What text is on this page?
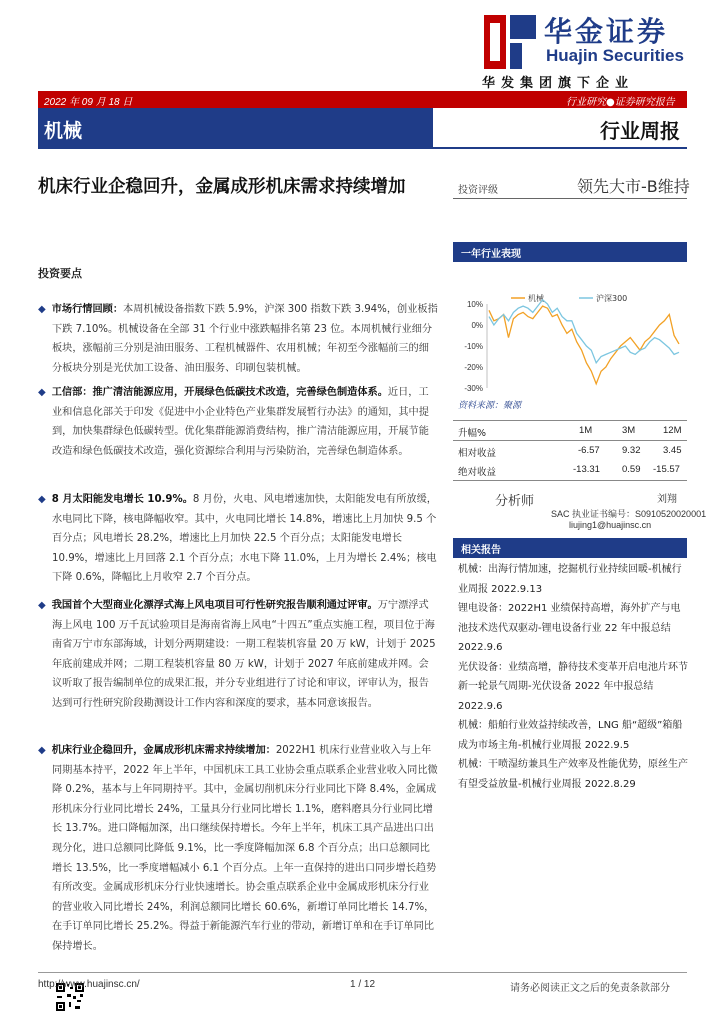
华金证券
Huajin Securities
华发集团旗下企业
2022 年 09 月 18 日	行业研究●证券研究报告
机械	行业周报
机床行业企稳回升，金属成形机床需求持续增加
投资要点

◆ 市场行情回顾：本周机械设备指数下跌 5.9%，沪深 300 指数下跌 3.94%，创业板指下跌 7.10%。机械设备在全部 31 个行业中涨跌幅排名第 23 位。本周机械行业细分板块，涨幅前三分别是油田服务、工程机械器件、农用机械；年初至今涨幅前三的细分板块分别是光伏加工设备、油田服务、印刷包装机械。

◆ 工信部：推广清洁能源应用，开展绿色低碳技术改造，完善绿色制造体系。近日，工业和信息化部关于印发《促进中小企业特色产业集群发展暂行办法》的通知，其中提到，加快集群绿色低碳转型。优化集群能源消费结构，推广清洁能源应用，开展节能改造和绿色低碳技术改造，强化资源综合利用与污染防治，完善绿色制造体系。

◆ 8 月太阳能发电增长 10.9%。8 月份，火电、风电增速加快，太阳能发电有所放缓，水电同比下降，核电降幅收窄。其中，火电同比增长 14.8%，增速比上月加快 9.5 个百分点；风电增长 28.2%，增速比上月加快 22.5 个百分点；太阳能发电增长 10.9%，增速比上月回落 2.1 个百分点；水电下降 11.0%，上月为增长 2.4%；核电下降 0.6%，降幅比上月收窄 2.7 个百分点。

◆ 我国首个大型商业化漂浮式海上风电项目可行性研究报告顺利通过评审。万宁漂浮式海上风电 100 万千瓦试验项目是海南省海上风电“十四五”重点实施工程，项目位于海南省万宁市东部海域，计划分两期建设：一期工程装机容量 20 万 kW，计划于 2025 年底前建成并网；二期工程装机容量 80 万 kW，计划于 2027 年底前建成并网。会议听取了报告编制单位的成果汇报，并分专业组进行了讨论和审议，评审认为，报告达到可行性研究阶段勘测设计工作内容和深度的要求，基本同意该报告。

◆ 机床行业企稳回升，金属成形机床需求持续增加：2022H1 机床行业营业收入与上年同期基本持平，2022 年上半年，中国机床工具工业协会重点联系企业营业收入同比微降 0.2%，基本与上年同期持平。其中，金属切削机床分行业同比下降 8.4%，金属成形机床分行业同比增长 24%，工量具分行业同比增长 1.1%，磨料磨具分行业同比增长 13.7%。进口降幅加深，出口继续保持增长。今年上半年，机床工具产品进出口出现分化，进口总额同比降低 9.1%，比一季度降幅加深 6.8 个百分点；出口总额同比增长 13.5%，比一季度增幅减小 6.1 个百分点。上年一直保持的进出口同步增长趋势有所改变。金属成形机床分行业快速增长。协会重点联系企业中金属成形机床分行业的营业收入同比增长 24%，利润总额同比增长 60.6%，新增订单同比增长 14.7%，在手订单同比增长 25.2%。得益于新能源汽车行业的带动，新增订单和在手订单同比保持增长。

投资评级	领先大市-B维持
一年行业表现
机械	沪深300
10%
0%
-10%
-20%
-30%
资料来源：聚源
升幅%	1M	3M	12M
相对收益	-6.57 9.32 3.45
绝对收益	-13.31 0.59 -15.57
分析师	刘翔
SAC 执业证书编号：S0910520020001
liujing1@huajinsc.cn
相关报告

机械：出海行情加速，挖掘机行业持续回暖-机械行业周报 2022.9.13

锂电设备：2022H1 业绩保持高增，海外扩产与电池技术迭代双驱动-锂电设备行业 22 年中报总结 2022.9.6

光伏设备：业绩高增，静待技术变革开启电池片环节新一轮景气周期-光伏设备 2022 年中报总结 2022.9.6

机械：船舶行业效益持续改善，LNG 船“超级”箱船成为市场主角-机械行业周报 2022.9.5

机械：干喷湿纺兼具生产效率及性能优势，原丝生产有望受益放量-机械行业周报 2022.8.29

http://www.huajinsc.cn/	1 / 12	请务必阅读正文之后的免责条款部分
